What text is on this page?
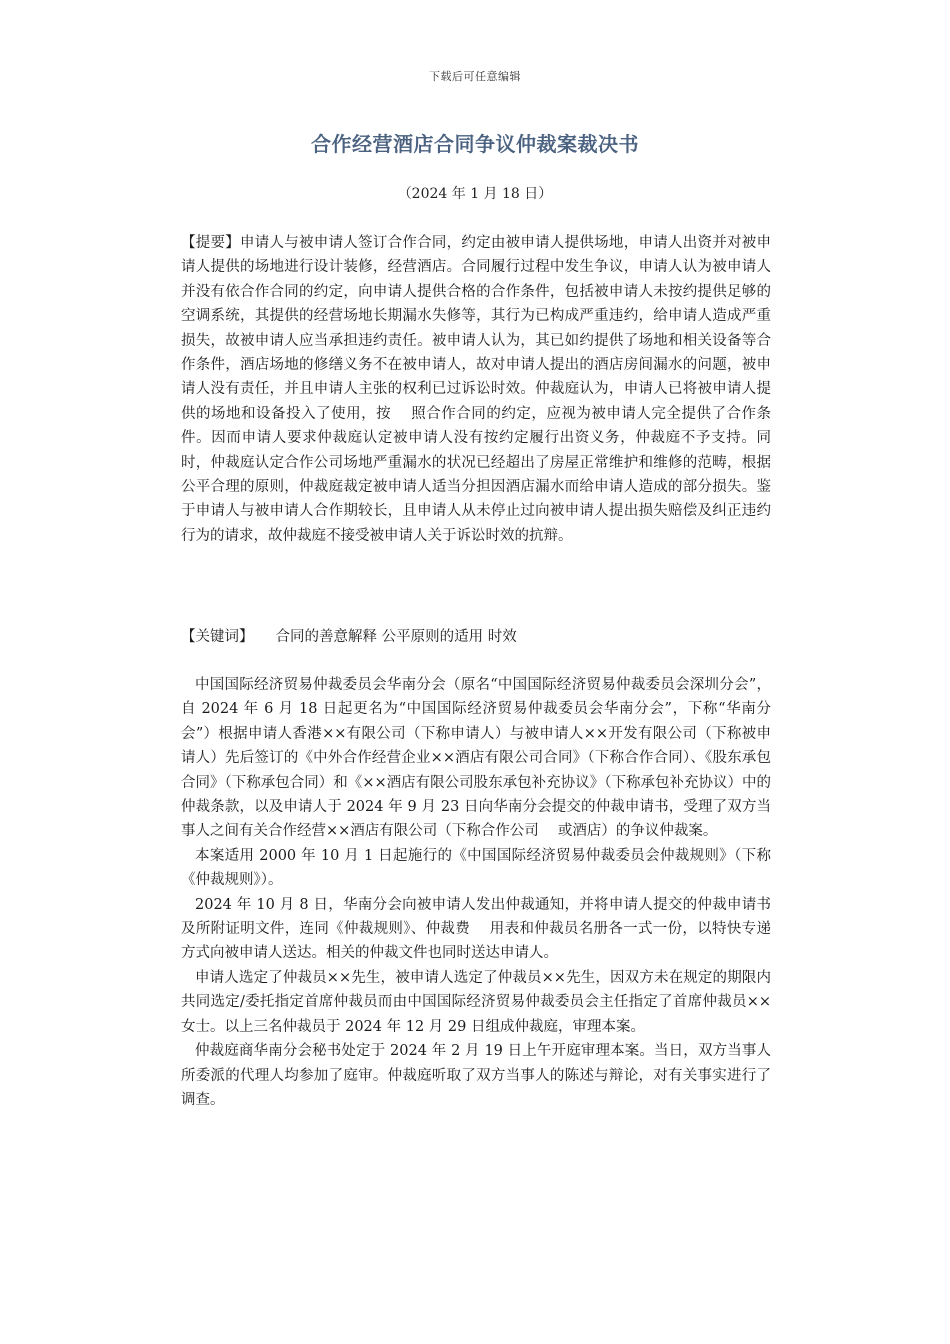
下载后可任意编辑
合作经营酒店合同争议仲裁案裁决书
（2024 年 1 月 18 日）
【提要】申请人与被申请人签订合作合同，约定由被申请人提供场地，申请人出资并对被申请人提供的场地进行设计装修，经营酒店。合同履行过程中发生争议，申请人认为被申请人并没有依合作合同的约定，向申请人提供合格的合作条件，包括被申请人未按约提供足够的空调系统，其提供的经营场地长期漏水失修等，其行为已构成严重违约，给申请人造成严重损失，故被申请人应当承担违约责任。被申请人认为，其已如约提供了场地和相关设备等合作条件，酒店场地的修缮义务不在被申请人，故对申请人提出的酒店房间漏水的问题，被申请人没有责任，并且申请人主张的权利已过诉讼时效。仲裁庭认为，申请人已将被申请人提供的场地和设备投入了使用，按　 照合作合同的约定，应视为被申请人完全提供了合作条件。因而申请人要求仲裁庭认定被申请人没有按约定履行出资义务，仲裁庭不予支持。同时，仲裁庭认定合作公司场地严重漏水的状况已经超出了房屋正常维护和维修的范畴，根据公平合理的原则，仲裁庭裁定被申请人适当分担因酒店漏水而给申请人造成的部分损失。鉴于申请人与被申请人合作期较长，且申请人从未停止过向被申请人提出损失赔偿及纠正违约行为的请求，故仲裁庭不接受被申请人关于诉讼时效的抗辩。
【关键词】 合同的善意解释 公平原则的适用 时效

中国国际经济贸易仲裁委员会华南分会（原名“中国国际经济贸易仲裁委员会深圳分会”，自 2024 年 6 月 18 日起更名为“中国国际经济贸易仲裁委员会华南分会”，下称“华南分会”）根据申请人香港××有限公司（下称申请人）与被申请人××开发有限公司（下称被申请人）先后签订的《中外合作经营企业××酒店有限公司合同》（下称合作合同）、《股东承包合同》（下称承包合同）和《××酒店有限公司股东承包补充协议》（下称承包补充协议）中的仲裁条款，以及申请人于 2024 年 9 月 23 日向华南分会提交的仲裁申请书，受理了双方当事人之间有关合作经营××酒店有限公司（下称合作公司　 或酒店）的争议仲裁案。

本案适用 2000 年 10 月 1 日起施行的《中国国际经济贸易仲裁委员会仲裁规则》（下称《仲裁规则》）。

2024 年 10 月 8 日，华南分会向被申请人发出仲裁通知，并将申请人提交的仲裁申请书及所附证明文件，连同《仲裁规则》、仲裁费　 用表和仲裁员名册各一式一份，以特快专递方式向被申请人送达。相关的仲裁文件也同时送达申请人。

申请人选定了仲裁员××先生，被申请人选定了仲裁员××先生，因双方未在规定的期限内共同选定/委托指定首席仲裁员而由中国国际经济贸易仲裁委员会主任指定了首席仲裁员××女士。以上三名仲裁员于 2024 年 12 月 29 日组成仲裁庭，审理本案。

仲裁庭商华南分会秘书处定于 2024 年 2 月 19 日上午开庭审理本案。当日，双方当事人所委派的代理人均参加了庭审。仲裁庭听取了双方当事人的陈述与辩论，对有关事实进行了调查。
